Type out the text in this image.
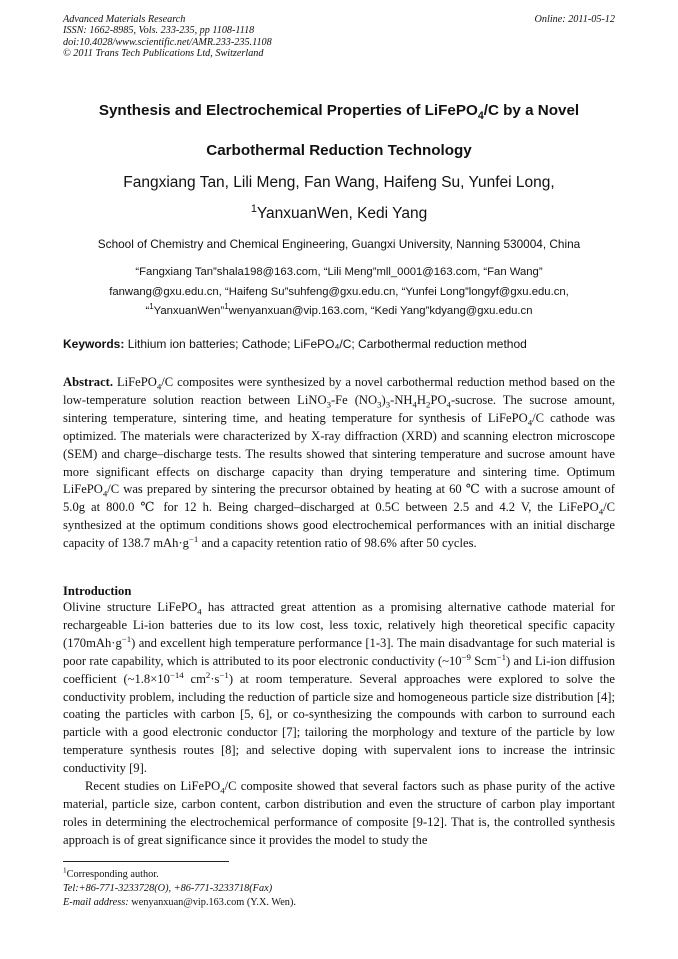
Advanced Materials Research
ISSN: 1662-8985, Vols. 233-235, pp 1108-1118
doi:10.4028/www.scientific.net/AMR.233-235.1108
© 2011 Trans Tech Publications Ltd, Switzerland
Online: 2011-05-12
Synthesis and Electrochemical Properties of LiFePO$_4$/C by a Novel
Carbothermal Reduction Technology
Fangxiang Tan, Lili Meng, Fan Wang, Haifeng Su, Yunfei Long,
$^1$YanxuanWen, Kedi Yang
School of Chemistry and Chemical Engineering, Guangxi University, Nanning 530004, China
“Fangxiang Tan”shala198@163.com, “Lili Meng”mll_0001@163.com, “Fan Wang”
fanwang@gxu.edu.cn, “Haifeng Su”suhfeng@gxu.edu.cn, “Yunfei Long”longyf@gxu.edu.cn,
“$^1$YanxuanWen”$^1$wenyanxuan@vip.163.com, “Kedi Yang”kdyang@gxu.edu.cn
Keywords: Lithium ion batteries; Cathode; LiFePO₄/C; Carbothermal reduction method
Abstract. LiFePO$_4$/C composites were synthesized by a novel carbothermal reduction method based on the low-temperature solution reaction between LiNO$_3$-Fe $(NO_3)_3-NH_4H_2PO_4$-sucrose. The sucrose amount, sintering temperature, sintering time, and heating temperature for synthesis of LiFePO$_4$/C cathode was optimized. The materials were characterized by X-ray diffraction (XRD) and scanning electron microscope (SEM) and charge–discharge tests. The results showed that sintering temperature and sucrose amount have more significant effects on discharge capacity than drying temperature and sintering time. Optimum LiFePO$_4$/C was prepared by sintering the precursor obtained by heating at 60 ℃ with a sucrose amount of 5.0g at 800.0 ℃ for 12 h. Being charged–discharged at 0.5C between 2.5 and 4.2 V, the LiFePO$_4$/C synthesized at the optimum conditions shows good electrochemical performances with an initial discharge capacity of 138.7 $mAh\cdot g^{-1}$ and a capacity retention ratio of 98.6% after 50 cycles.
Introduction
Olivine structure LiFePO$_4$ has attracted great attention as a promising alternative cathode material for rechargeable Li-ion batteries due to its low cost, less toxic, relatively high theoretical specific capacity $(170mAh\cdot g^{-1})$ and excellent high temperature performance [1-3]. The main disadvantage for such material is poor rate capability, which is attributed to its poor electronic conductivity ($\sim 10^{-9}$ Scm$^{-1}$) and Li-ion diffusion coefficient ($\sim 1.8\times 10^{-14}$ $cm^2\cdot s^{-1}$) at room temperature. Several approaches were explored to solve the conductivity problem, including the reduction of particle size and homogeneous particle size distribution [4]; coating the particles with carbon [5, 6], or co-synthesizing the compounds with carbon to surround each particle with a good electronic conductor [7]; tailoring the morphology and texture of the particle by low temperature synthesis routes [8]; and selective doping with supervalent ions to increase the intrinsic conductivity [9].
Recent studies on LiFePO$_4$/C composite showed that several factors such as phase purity of the active material, particle size, carbon content, carbon distribution and even the structure of carbon play important roles in determining the electrochemical performance of composite [9-12]. That is, the controlled synthesis approach is of great significance since it provides the model to study the
$^1$Corresponding author.
Tel:+86-771-3233728(O), +86-771-3233718(Fax)
E-mail address: wenyanxuan@vip.163.com (Y.X. Wen).
